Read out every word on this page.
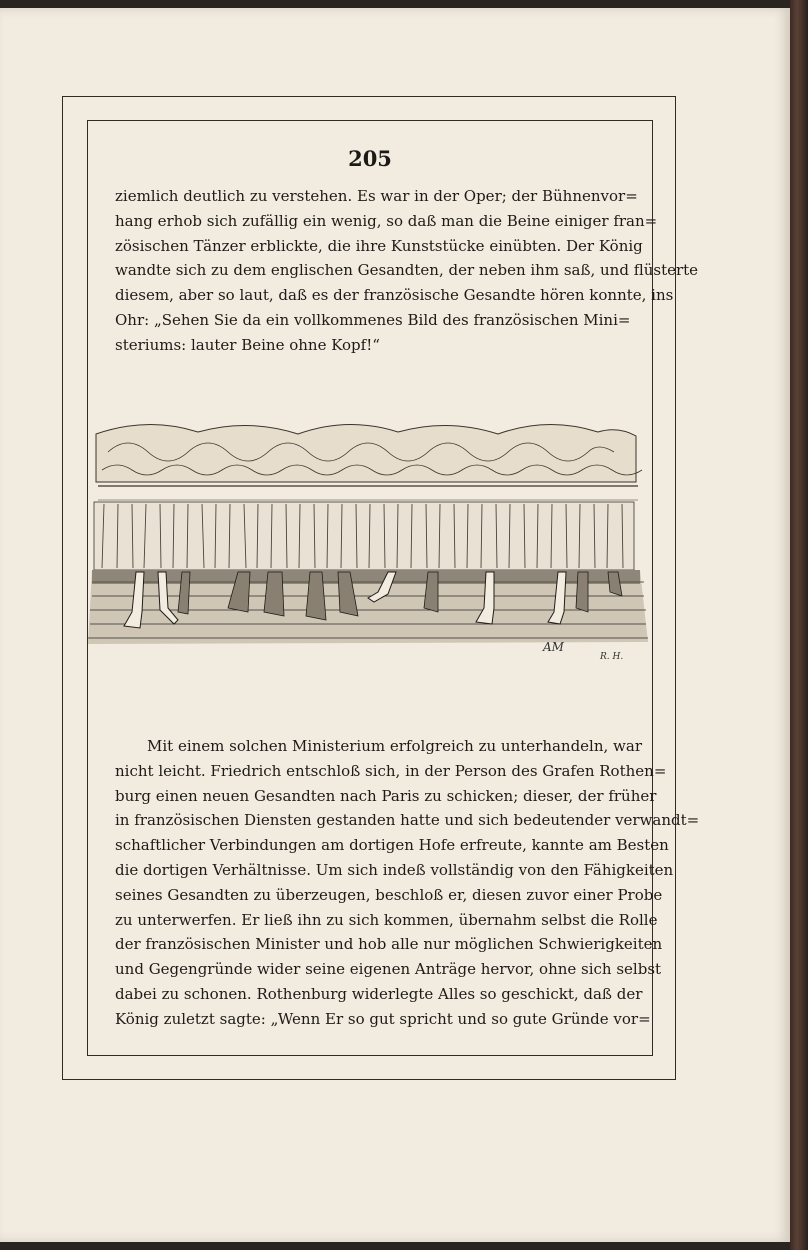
205
ziemlich deutlich zu verstehen. Es war in der Oper; der Bühnenvor=
hang erhob sich zufällig ein wenig, so daß man die Beine einiger fran=
zösischen Tänzer erblickte, die ihre Kunststücke einübten. Der König
wandte sich zu dem englischen Gesandten, der neben ihm saß, und flüsterte
diesem, aber so laut, daß es der französische Gesandte hören konnte, ins
Ohr: „Sehen Sie da ein vollkommenes Bild des französischen Mini=
steriums: lauter Beine ohne Kopf!“
AM
R. H.
Mit einem solchen Ministerium erfolgreich zu unterhandeln, war
nicht leicht. Friedrich entschloß sich, in der Person des Grafen Rothen=
burg einen neuen Gesandten nach Paris zu schicken; dieser, der früher
in französischen Diensten gestanden hatte und sich bedeutender verwandt=
schaftlicher Verbindungen am dortigen Hofe erfreute, kannte am Besten
die dortigen Verhältnisse. Um sich indeß vollständig von den Fähigkeiten
seines Gesandten zu überzeugen, beschloß er, diesen zuvor einer Probe
zu unterwerfen. Er ließ ihn zu sich kommen, übernahm selbst die Rolle
der französischen Minister und hob alle nur möglichen Schwierigkeiten
und Gegengründe wider seine eigenen Anträge hervor, ohne sich selbst
dabei zu schonen. Rothenburg widerlegte Alles so geschickt, daß der
König zuletzt sagte: „Wenn Er so gut spricht und so gute Gründe vor=
